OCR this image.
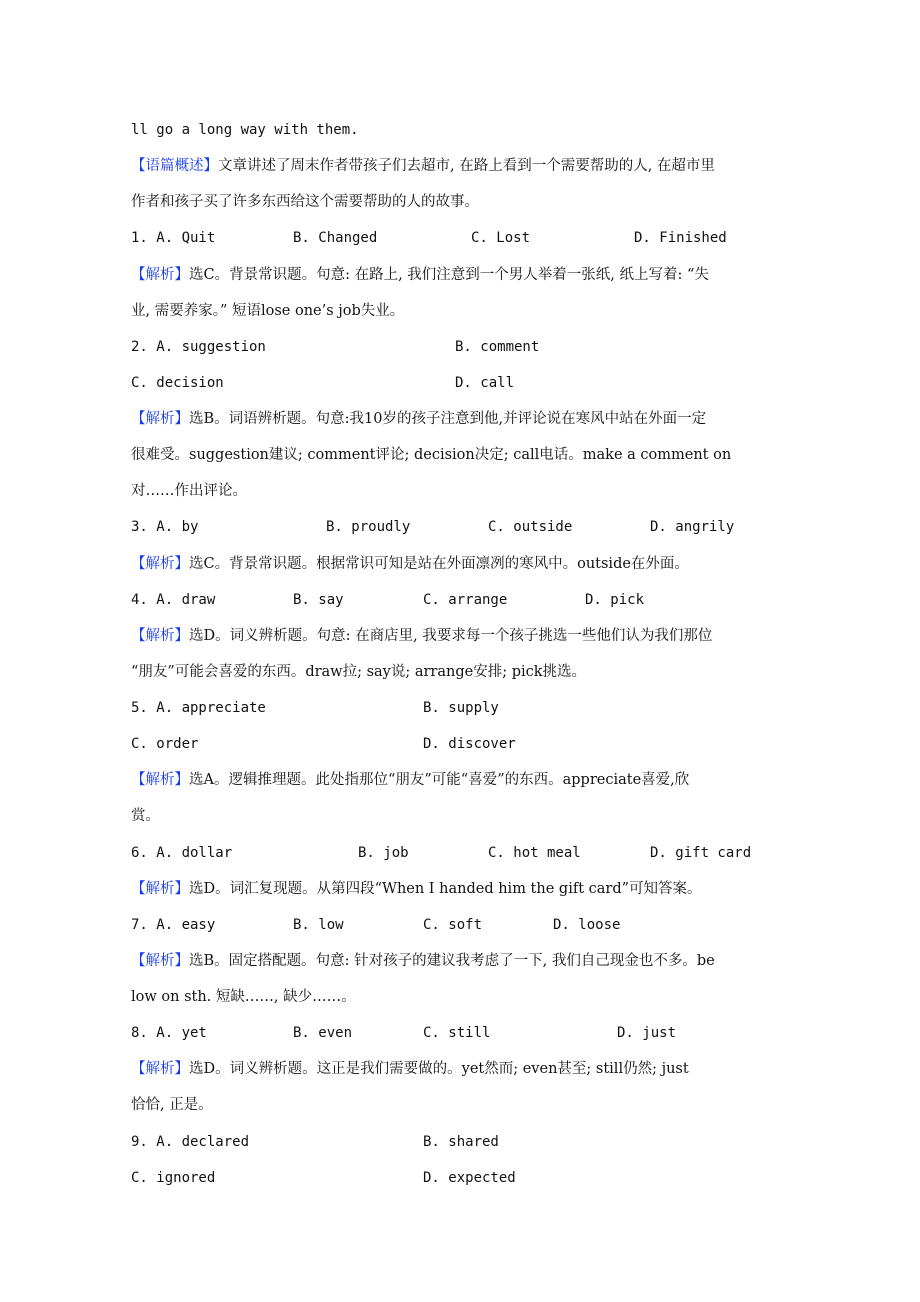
ll go a long way with them.
【语篇概述】文章讲述了周末作者带孩子们去超市, 在路上看到一个需要帮助的人, 在超市里
作者和孩子买了许多东西给这个需要帮助的人的故事。
1. A. Quit	B. Changed	C. Lost	D. Finished
【解析】选C。背景常识题。句意: 在路上, 我们注意到一个男人举着一张纸, 纸上写着: “失
业, 需要养家。” 短语lose one’s job失业。
2. A. suggestion	B. comment
C. decision	D. call
【解析】选B。词语辨析题。句意:我10岁的孩子注意到他,并评论说在寒风中站在外面一定
很难受。suggestion建议; comment评论; decision决定; call电话。make a comment on
对……作出评论。
3. A. by	B. proudly	C. outside	D. angrily
【解析】选C。背景常识题。根据常识可知是站在外面凛冽的寒风中。outside在外面。
4. A. draw	B. say	C. arrange	D. pick
【解析】选D。词义辨析题。句意: 在商店里, 我要求每一个孩子挑选一些他们认为我们那位
“朋友”可能会喜爱的东西。draw拉; say说; arrange安排; pick挑选。
5. A. appreciate	B. supply
C. order	D. discover
【解析】选A。逻辑推理题。此处指那位“朋友”可能“喜爱”的东西。appreciate喜爱,欣
赏。
6. A. dollar	B. job	C. hot meal	D. gift card
【解析】选D。词汇复现题。从第四段“When I handed him the gift card”可知答案。
7. A. easy	B. low	C. soft	D. loose
【解析】选B。固定搭配题。句意: 针对孩子的建议我考虑了一下, 我们自己现金也不多。be
low on sth. 短缺……, 缺少……。
8. A. yet	B. even	C. still	D. just
【解析】选D。词义辨析题。这正是我们需要做的。yet然而; even甚至; still仍然; just
恰恰, 正是。
9. A. declared	B. shared
C. ignored	D. expected
